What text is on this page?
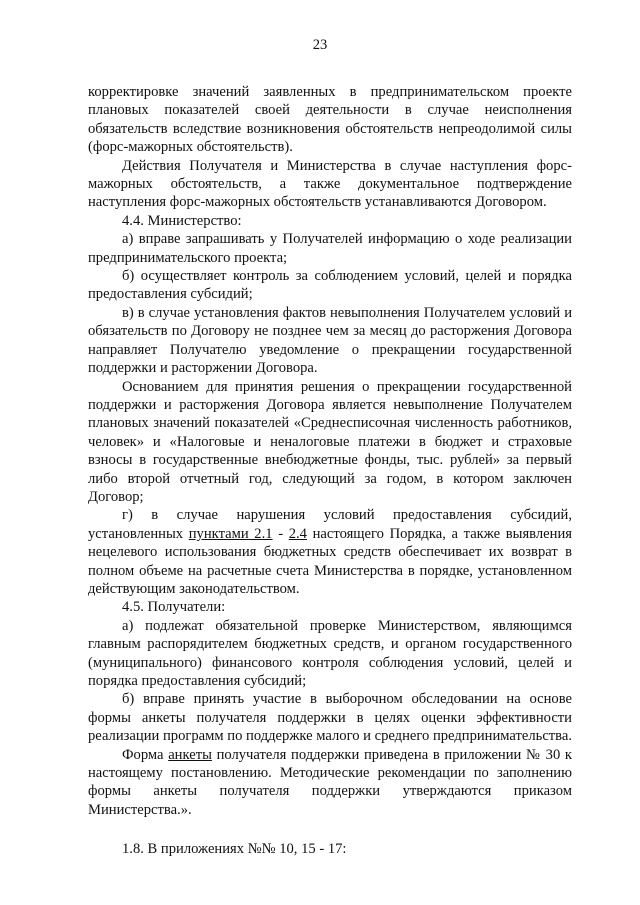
23

корректировке значений заявленных в предпринимательском проекте плановых показателей своей деятельности в случае неисполнения обязательств вследствие возникновения обстоятельств непреодолимой силы (форс-мажорных обстоятельств).

Действия Получателя и Министерства в случае наступления форс-мажорных обстоятельств, а также документальное подтверждение наступления форс-мажорных обстоятельств устанавливаются Договором.

4.4. Министерство:

а) вправе запрашивать у Получателей информацию о ходе реализации предпринимательского проекта;

б) осуществляет контроль за соблюдением условий, целей и порядка предоставления субсидий;

в) в случае установления фактов невыполнения Получателем условий и обязательств по Договору не позднее чем за месяц до расторжения Договора направляет Получателю уведомление о прекращении государственной поддержки и расторжении Договора.

Основанием для принятия решения о прекращении государственной поддержки и расторжения Договора является невыполнение Получателем плановых значений показателей «Среднесписочная численность работников, человек» и «Налоговые и неналоговые платежи в бюджет и страховые взносы в государственные внебюджетные фонды, тыс. рублей» за первый либо второй отчетный год, следующий за годом, в котором заключен Договор;

г) в случае нарушения условий предоставления субсидий, установленных пунктами 2.1 - 2.4 настоящего Порядка, а также выявления нецелевого использования бюджетных средств обеспечивает их возврат в полном объеме на расчетные счета Министерства в порядке, установленном действующим законодательством.

4.5. Получатели:

а) подлежат обязательной проверке Министерством, являющимся главным распорядителем бюджетных средств, и органом государственного (муниципального) финансового контроля соблюдения условий, целей и порядка предоставления субсидий;

б) вправе принять участие в выборочном обследовании на основе формы анкеты получателя поддержки в целях оценки эффективности реализации программ по поддержке малого и среднего предпринимательства.

Форма анкеты получателя поддержки приведена в приложении № 30 к настоящему постановлению. Методические рекомендации по заполнению формы анкеты получателя поддержки утверждаются приказом Министерства.».

1.8. В приложениях №№ 10, 15 - 17:
